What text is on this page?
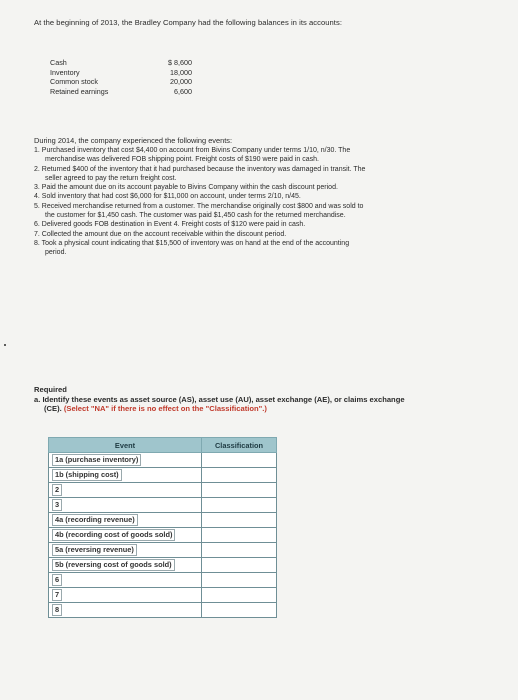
At the beginning of 2013, the Bradley Company had the following balances in its accounts:
Cash	$ 8,600
Inventory	18,000
Common stock	20,000
Retained earnings	6,600
During 2014, the company experienced the following events:

1. Purchased inventory that cost $4,400 on account from Bivins Company under terms 1/10, n/30. The
merchandise was delivered FOB shipping point. Freight costs of $190 were paid in cash.

2. Returned $400 of the inventory that it had purchased because the inventory was damaged in transit. The
seller agreed to pay the return freight cost.

3. Paid the amount due on its account payable to Bivins Company within the cash discount period.

4. Sold inventory that had cost $6,000 for $11,000 on account, under terms 2/10, n/45.

5. Received merchandise returned from a customer. The merchandise originally cost $800 and was sold to
the customer for $1,450 cash. The customer was paid $1,450 cash for the returned merchandise.

6. Delivered goods FOB destination in Event 4. Freight costs of $120 were paid in cash.

7. Collected the amount due on the account receivable within the discount period.

8. Took a physical count indicating that $15,500 of inventory was on hand at the end of the accounting
period.

Required
a. Identify these events as asset source (AS), asset use (AU), asset exchange (AE), or claims exchange
(CE). (Select "NA" if there is no effect on the "Classification".)
Event	Classification
1a (purchase inventory)	
1b (shipping cost)	
2	
3	
4a (recording revenue)	
4b (recording cost of goods sold)	
5a (reversing revenue)	
5b (reversing cost of goods sold)	
6	
7	
8	
